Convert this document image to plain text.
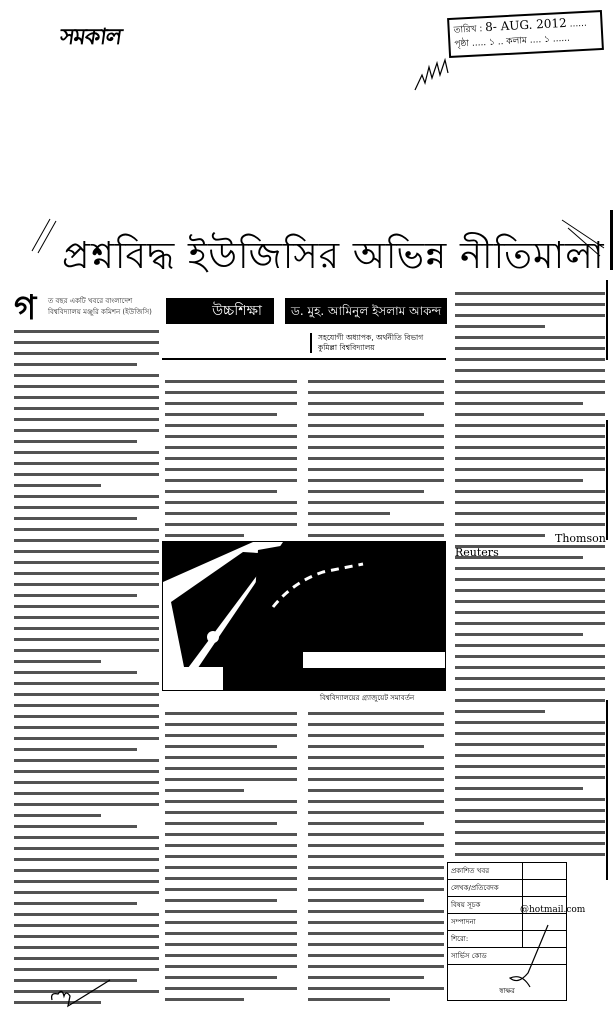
সমকাল	তারিখ : 8- AUG. 2012 ......
পৃষ্ঠা ..... ১ .. কলাম .... ১ ......
প্রশ্নবিদ্ধ ইউজিসির অভিন্ন নীতিমালা
উচ্চশিক্ষা	ড. মুহ. আমিনুল ইসলাম আকন্দ
সহযোগী অধ্যাপক, অর্থনীতি বিভাগ
কুমিল্লা বিশ্ববিদ্যালয়
গ ত বছর একটি খবরে বাংলাদেশ বিশ্ববিদ্যালয় মঞ্জুরি কমিশন (ইউজিসি)
বিশ্ববিদ্যালয়ের গ্র্যাজুয়েট সমাবর্তন
Thomson
Reuters
প্রকাশিত খবর
লেখক/প্রতিবেদক
বিষয় সূচক
সম্পাদনা
শিরো:
সার্ভিস কোড
স্বাক্ষর
@hotmail.com
